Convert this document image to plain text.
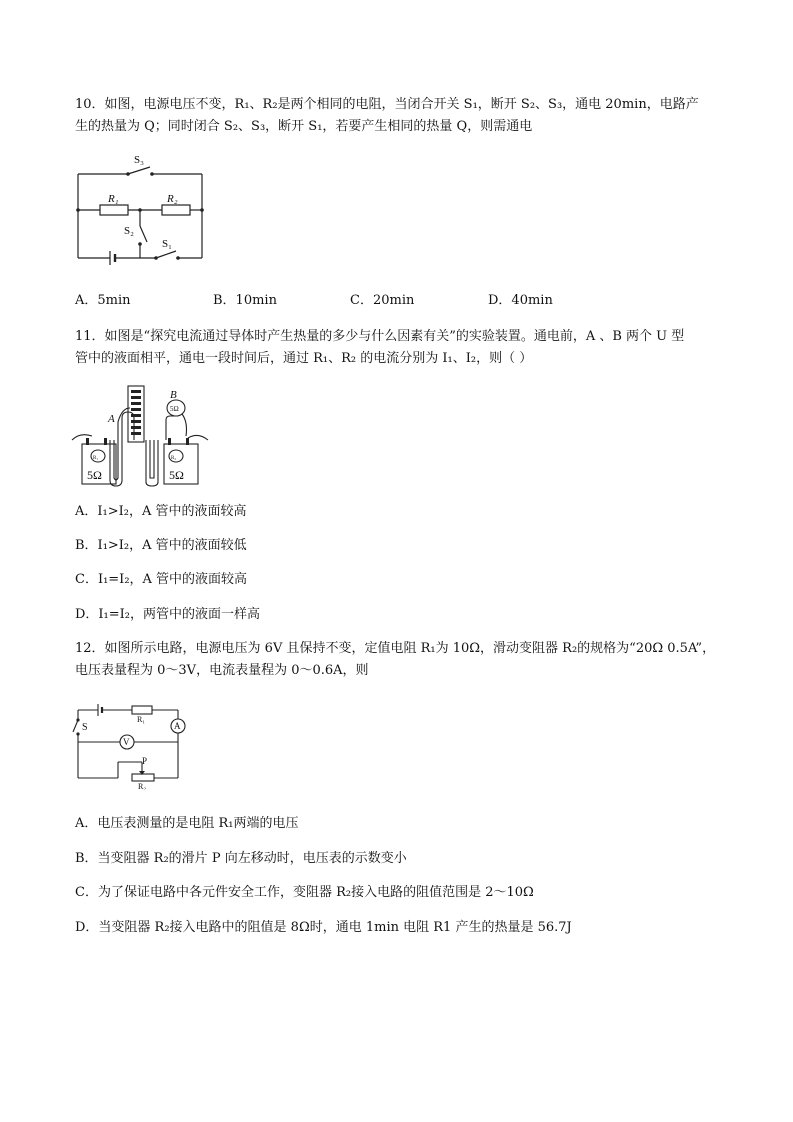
10．如图，电源电压不变，R₁、R₂是两个相同的电阻，当闭合开关 S₁，断开 S₂、S₃，通电 20min，电路产
生的热量为 Q；同时闭合 S₂、S₃，断开 S₁，若要产生相同的热量 Q，则需通电
S₃
R₁	R₂
S₂
S₁
A．5min	B．10min	C．20min	D．40min
11．如图是“探究电流通过导体时产生热量的多少与什么因素有关”的实验装置。通电前，A 、B 两个 U 型
管中的液面相平，通电一段时间后，通过 R₁、R₂ 的电流分别为 I₁、I₂，则（ ）
A
B
5Ω
R₁	R₂
5Ω	5Ω
A．I₁>I₂，A 管中的液面较高
B．I₁>I₂，A 管中的液面较低
C．I₁=I₂，A 管中的液面较高
D．I₁=I₂，两管中的液面一样高
12．如图所示电路，电源电压为 6V 且保持不变，定值电阻 R₁为 10Ω，滑动变阻器 R₂的规格为“20Ω 0.5A”，
电压表量程为 0～3V，电流表量程为 0～0.6A，则
S
R₁
A
V
P
R₂
A．电压表测量的是电阻 R₁两端的电压
B．当变阻器 R₂的滑片 P 向左移动时，电压表的示数变小
C．为了保证电路中各元件安全工作，变阻器 R₂接入电路的阻值范围是 2～10Ω
D．当变阻器 R₂接入电路中的阻值是 8Ω时，通电 1min 电阻 R1 产生的热量是 56.7J
